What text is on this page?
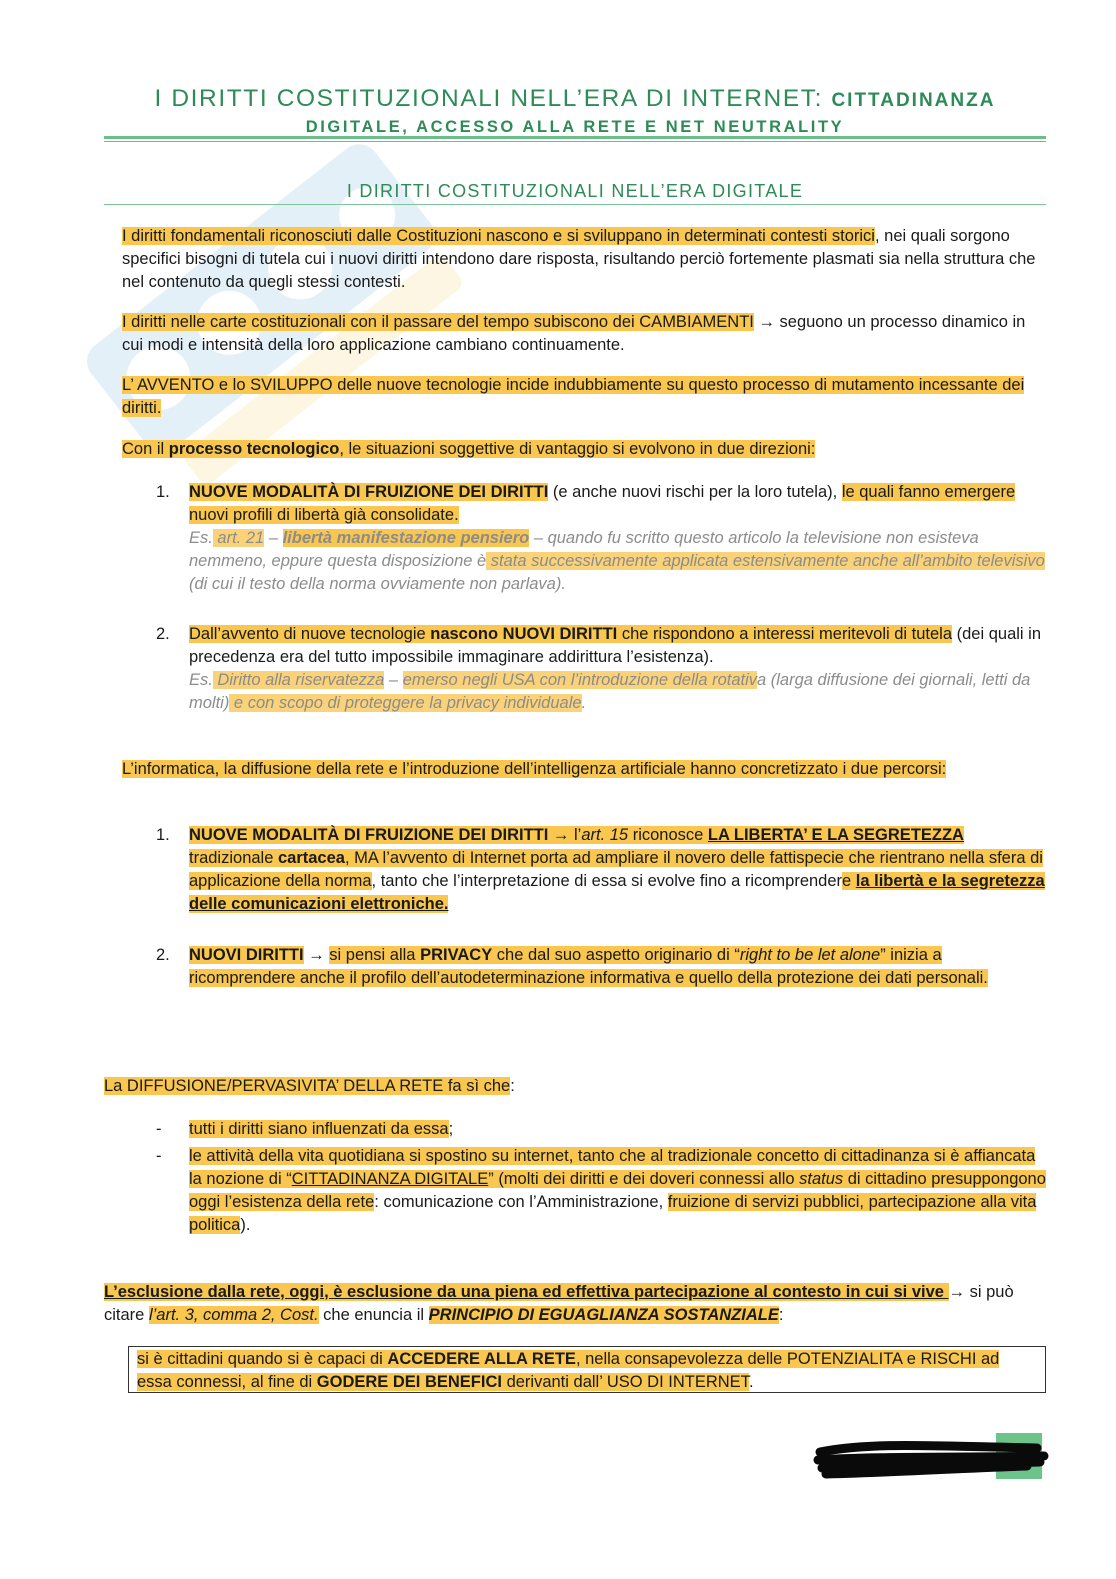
I DIRITTI COSTITUZIONALI NELL’ERA DI INTERNET: CITTADINANZA
DIGITALE, ACCESSO ALLA RETE E NET NEUTRALITY
I DIRITTI COSTITUZIONALI NELL’ERA DIGITALE
I diritti fondamentali riconosciuti dalle Costituzioni nascono e si sviluppano in determinati contesti storici, nei quali sorgono specifici bisogni di tutela cui i nuovi diritti intendono dare risposta, risultando perciò fortemente plasmati sia nella struttura che nel contenuto da quegli stessi contesti.
I diritti nelle carte costituzionali con il passare del tempo subiscono dei CAMBIAMENTI → seguono un processo dinamico in cui modi e intensità della loro applicazione cambiano continuamente.
L’ AVVENTO e lo SVILUPPO delle nuove tecnologie incide indubbiamente su questo processo di mutamento incessante dei diritti.
Con il processo tecnologico, le situazioni soggettive di vantaggio si evolvono in due direzioni:
1.	NUOVE MODALITÀ DI FRUIZIONE DEI DIRITTI (e anche nuovi rischi per la loro tutela), le quali fanno emergere nuovi profili di libertà già consolidate.
Es. art. 21 – libertà manifestazione pensiero – quando fu scritto questo articolo la televisione non esisteva nemmeno, eppure questa disposizione è stata successivamente applicata estensivamente anche all’ambito televisivo (di cui il testo della norma ovviamente non parlava).
2.	Dall’avvento di nuove tecnologie nascono NUOVI DIRITTI che rispondono a interessi meritevoli di tutela (dei quali in precedenza era del tutto impossibile immaginare addirittura l’esistenza).
Es. Diritto alla riservatezza – emerso negli USA con l’introduzione della rotativa (larga diffusione dei giornali, letti da molti) e con scopo di proteggere la privacy individuale.
L’informatica, la diffusione della rete e l’introduzione dell’intelligenza artificiale hanno concretizzato i due percorsi:
1.	NUOVE MODALITÀ DI FRUIZIONE DEI DIRITTI → l’art. 15 riconosce LA LIBERTA’ E LA SEGRETEZZA tradizionale cartacea, MA l’avvento di Internet porta ad ampliare il novero delle fattispecie che rientrano nella sfera di applicazione della norma, tanto che l’interpretazione di essa si evolve fino a ricomprendere la libertà e la segretezza delle comunicazioni elettroniche.
2.	NUOVI DIRITTI → si pensi alla PRIVACY che dal suo aspetto originario di “right to be let alone” inizia a ricomprendere anche il profilo dell’autodeterminazione informativa e quello della protezione dei dati personali.
La DIFFUSIONE/PERVASIVITA’ DELLA RETE fa sì che:
- tutti i diritti siano influenzati da essa;
- le attività della vita quotidiana si spostino su internet, tanto che al tradizionale concetto di cittadinanza si è affiancata la nozione di “CITTADINANZA DIGITALE” (molti dei diritti e dei doveri connessi allo status di cittadino presuppongono oggi l’esistenza della rete: comunicazione con l’Amministrazione, fruizione di servizi pubblici, partecipazione alla vita politica).
L’esclusione dalla rete, oggi, è esclusione da una piena ed effettiva partecipazione al contesto in cui si vive → si può citare l’art. 3, comma 2, Cost. che enuncia il PRINCIPIO DI EGUAGLIANZA SOSTANZIALE:
si è cittadini quando si è capaci di ACCEDERE ALLA RETE, nella consapevolezza delle POTENZIALITA e RISCHI ad essa connessi, al fine di GODERE DEI BENEFICI derivanti dall’ USO DI INTERNET.
1
